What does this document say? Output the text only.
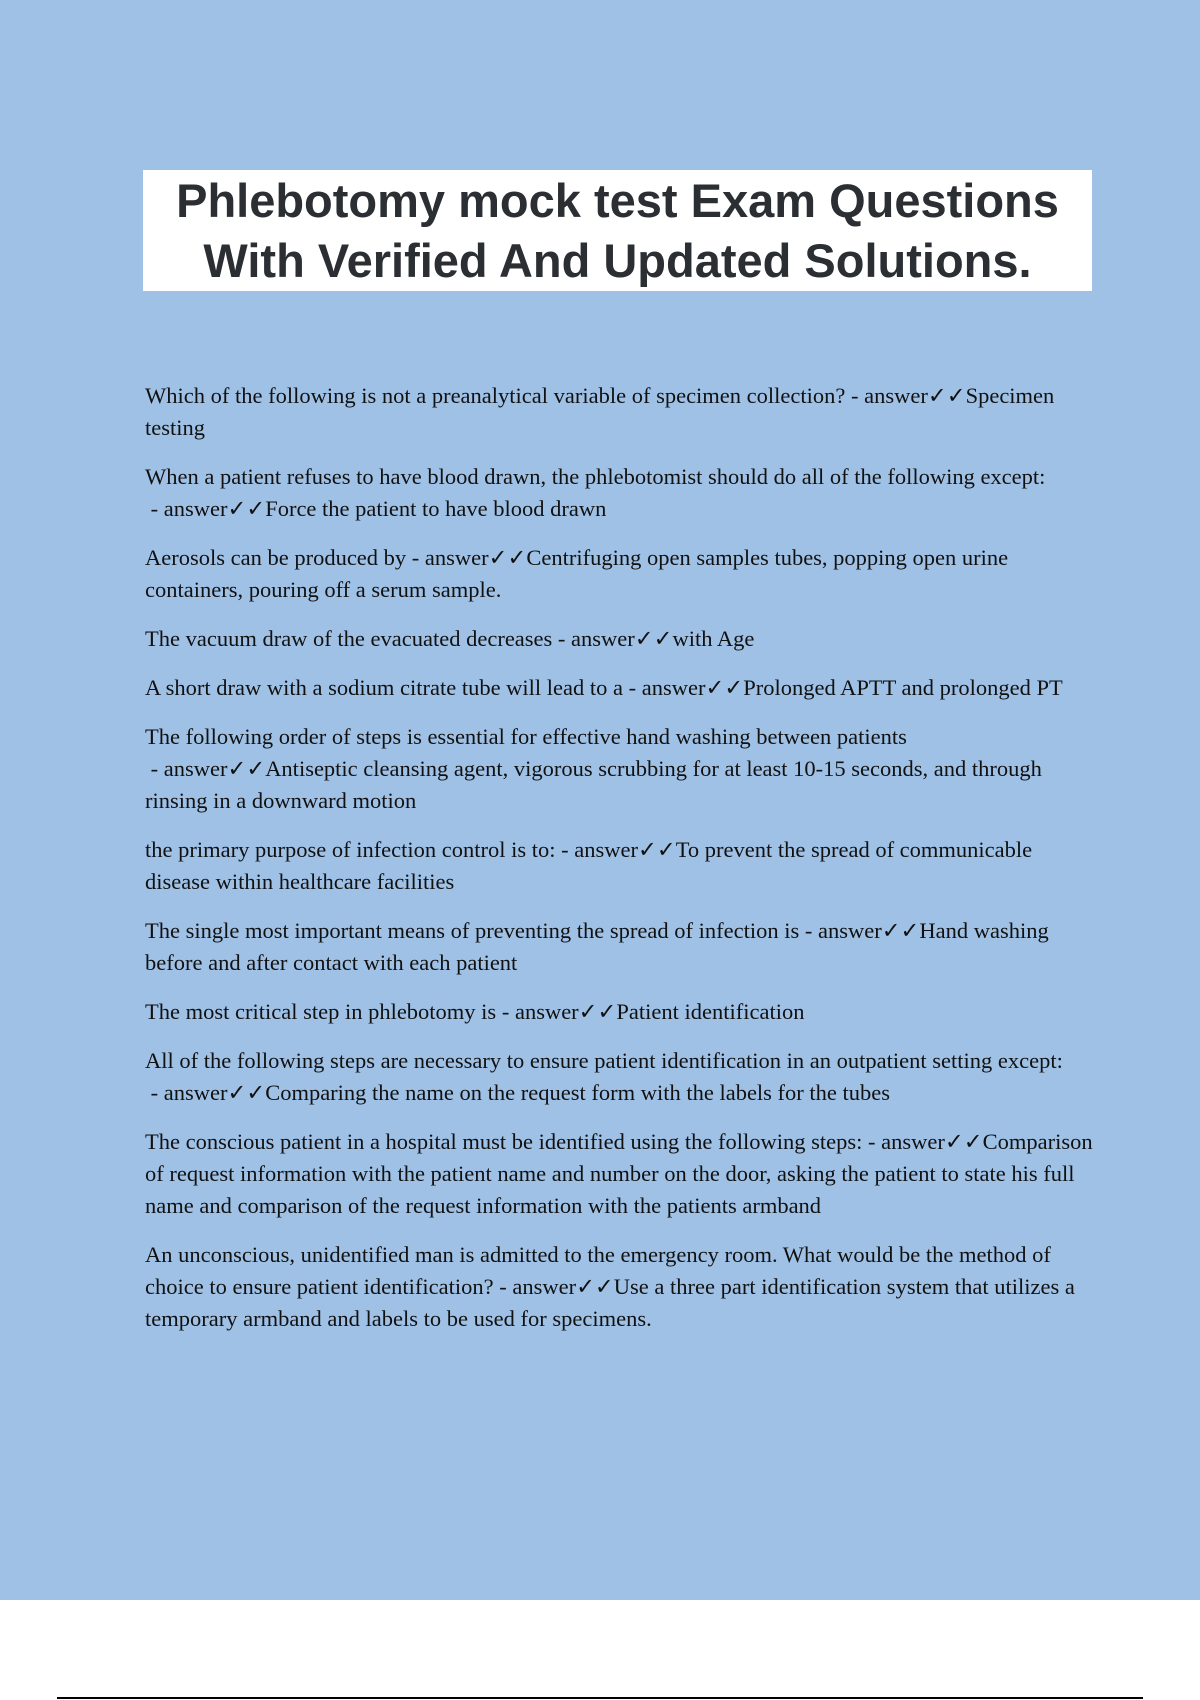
Phlebotomy mock test Exam Questions With Verified And Updated Solutions.
Which of the following is not a preanalytical variable of specimen collection? - answer✓✓Specimen testing
When a patient refuses to have blood drawn, the phlebotomist should do all of the following except: - answer✓✓Force the patient to have blood drawn
Aerosols can be produced by - answer✓✓Centrifuging open samples tubes, popping open urine containers, pouring off a serum sample.
The vacuum draw of the evacuated decreases - answer✓✓with Age
A short draw with a sodium citrate tube will lead to a - answer✓✓Prolonged APTT and prolonged PT
The following order of steps is essential for effective hand washing between patients - answer✓✓Antiseptic cleansing agent, vigorous scrubbing for at least 10-15 seconds, and through rinsing in a downward motion
the primary purpose of infection control is to: - answer✓✓To prevent the spread of communicable disease within healthcare facilities
The single most important means of preventing the spread of infection is - answer✓✓Hand washing before and after contact with each patient
The most critical step in phlebotomy is - answer✓✓Patient identification
All of the following steps are necessary to ensure patient identification in an outpatient setting except: - answer✓✓Comparing the name on the request form with the labels for the tubes
The conscious patient in a hospital must be identified using the following steps: - answer✓✓Comparison of request information with the patient name and number on the door, asking the patient to state his full name and comparison of the request information with the patients armband
An unconscious, unidentified man is admitted to the emergency room. What would be the method of choice to ensure patient identification? - answer✓✓Use a three part identification system that utilizes a temporary armband and labels to be used for specimens.
